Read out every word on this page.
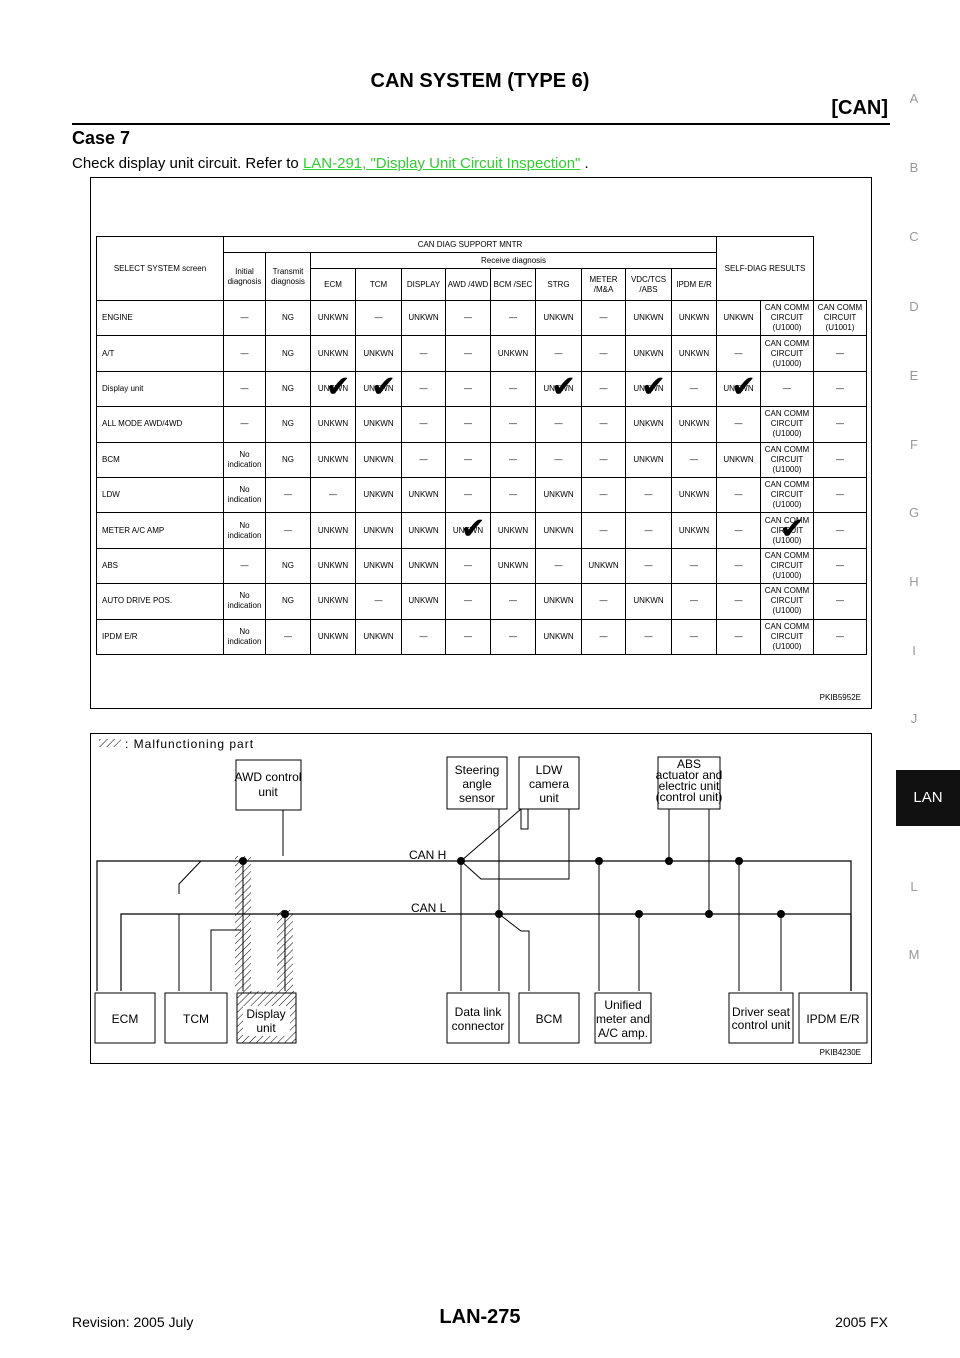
CAN SYSTEM (TYPE 6)
[CAN]
Case 7
Check display unit circuit. Refer to LAN-291, "Display Unit Circuit Inspection" .
A
B
C
D
E
F
G
H
I
J
LAN
L
M
SELECT SYSTEM screen	CAN DIAG SUPPORT MNTR											SELF-DIAG RESULTS		
	Initial diagnosis	Transmit diagnosis	Receive diagnosis											
			ECM	TCM	DISPLAY	AWD /4WD	BCM /SEC	STRG	METER /M&A	VDC/TCS /ABS	IPDM E/R			
ENGINE	—	NG	UNKWN	—	UNKWN	—	—	UNKWN	—	UNKWN	UNKWN	UNKWN	CAN COMM CIRCUIT (U1000)	CAN COMM CIRCUIT (U1001)
A/T	—	NG	UNKWN	UNKWN	—	—	UNKWN	—	—	UNKWN	UNKWN	—	CAN COMM CIRCUIT (U1000)	—
Display unit	—	NG	UNKWN ✔	UNKWN ✔	—	—	—	UNKWN ✔	—	UNKWN ✔	—	UNKWN ✔	—	—
ALL MODE AWD/4WD	—	NG	UNKWN	UNKWN	—	—	—	—	—	UNKWN	UNKWN	—	CAN COMM CIRCUIT (U1000)	—
BCM	No indication	NG	UNKWN	UNKWN	—	—	—	—	—	UNKWN	—	UNKWN	CAN COMM CIRCUIT (U1000)	—
LDW	No indication	—	—	UNKWN	UNKWN	—	—	UNKWN	—	—	UNKWN	—	CAN COMM CIRCUIT (U1000)	—
METER A/C AMP	No indication	—	UNKWN	UNKWN	UNKWN	UNKWN ✔	UNKWN	UNKWN	—	—	UNKWN	—	CAN COMM CIRCUIT (U1000) ✔	—
ABS	—	NG	UNKWN	UNKWN	UNKWN	—	UNKWN	—	UNKWN	—	—	—	CAN COMM CIRCUIT (U1000)	—
AUTO DRIVE POS.	No indication	NG	UNKWN	—	UNKWN	—	—	UNKWN	—	UNKWN	—	—	CAN COMM CIRCUIT (U1000)	—
IPDM E/R	No indication	—	UNKWN	UNKWN	—	—	—	UNKWN	—	—	—	—	CAN COMM CIRCUIT (U1000)	—
PKIB5952E
: Malfunctioning part
CAN H
CAN L
AWD control
unit
Steering
angle
sensor
LDW
camera
unit
ABS
actuator and
electric unit
(control unit)
ECM	TCM	Display
unit
Data link
connector	BCM
Unified
meter and
A/C amp.
Driver seat
control unit IPDM E/R
PKIB4230E
Revision: 2005 July	LAN-275	2005 FX
